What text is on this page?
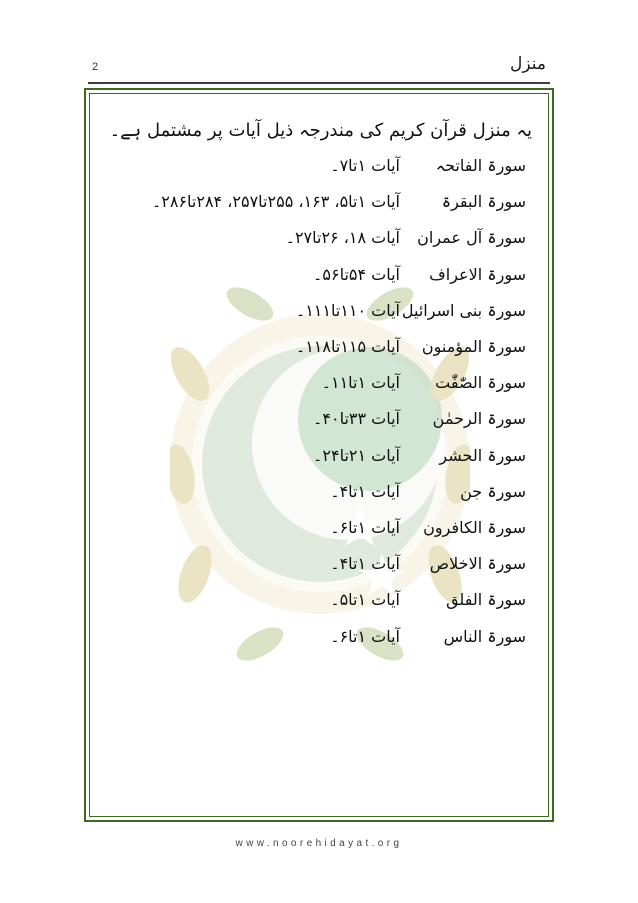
2	منزل
یہ منزل قرآن کریم کی مندرجہ ذیل آیات پر مشتمل ہے۔
سورۃ الفاتحہ
آیات ۱تا۷۔
سورۃ البقرۃ
آیات ۱تا۵، ۱۶۳، ۲۵۵تا۲۵۷، ۲۸۴تا۲۸۶۔
سورۃ آل عمران
آیات ۱۸، ۲۶تا۲۷۔
سورۃ الاعراف
آیات ۵۴تا۵۶۔
سورۃ بنی اسرائیل
آیات ۱۱۰تا۱۱۱۔
سورۃ المؤمنون
آیات ۱۱۵تا۱۱۸۔
سورۃ الصّٰفّٰت
آیات ۱تا۱۱۔
سورۃ الرحمٰن
آیات ۳۳تا۴۰۔
سورۃ الحشر
آیات ۲۱تا۲۴۔
سورۃ جن
آیات ۱تا۴۔
سورۃ الکافرون
آیات ۱تا۶۔
سورۃ الاخلاص
آیات ۱تا۴۔
سورۃ الفلق
آیات ۱تا۵۔
سورۃ الناس
آیات ۱تا۶۔
www.noorehidayat.org
